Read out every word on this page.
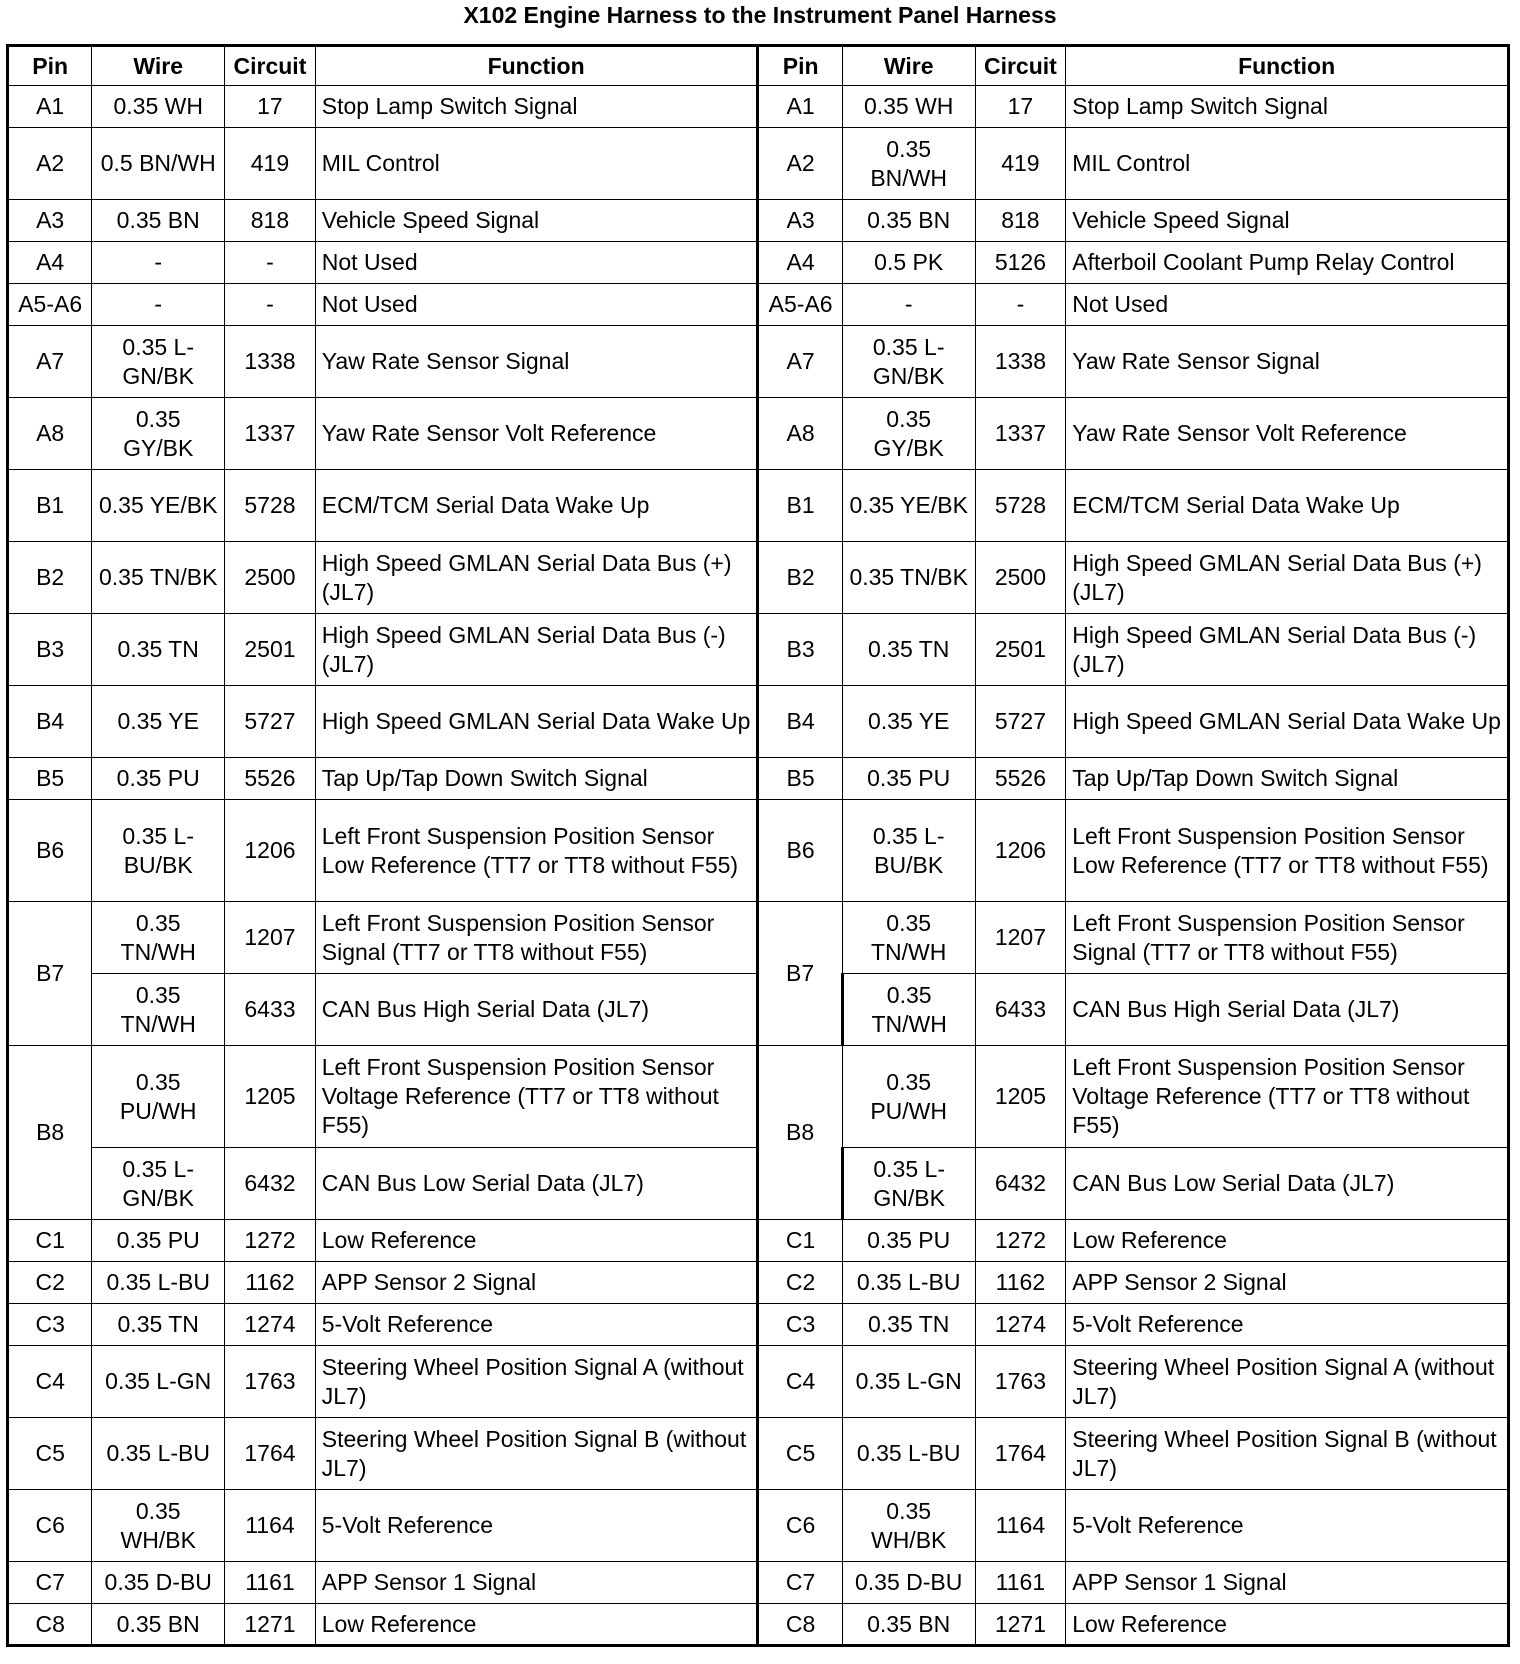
X102 Engine Harness to the Instrument Panel Harness
Pin	Wire	Circuit	Function	Pin	Wire	Circuit	Function
A1	0.35 WH	17	Stop Lamp Switch Signal	A1	0.35 WH	17	Stop Lamp Switch Signal
A2	0.5 BN/WH	419	MIL Control	A2	0.35 BN/WH	419	MIL Control
A3	0.35 BN	818	Vehicle Speed Signal	A3	0.35 BN	818	Vehicle Speed Signal
A4	-	-	Not Used	A4	0.5 PK	5126	Afterboil Coolant Pump Relay Control
A5-A6	-	-	Not Used	A5-A6	-	-	Not Used
A7	0.35 L-GN/BK	1338	Yaw Rate Sensor Signal	A7	0.35 L-GN/BK	1338	Yaw Rate Sensor Signal
A8	0.35 GY/BK	1337	Yaw Rate Sensor Volt Reference	A8	0.35 GY/BK	1337	Yaw Rate Sensor Volt Reference
B1	0.35 YE/BK	5728	ECM/TCM Serial Data Wake Up	B1	0.35 YE/BK	5728	ECM/TCM Serial Data Wake Up
B2	0.35 TN/BK	2500	High Speed GMLAN Serial Data Bus (+) (JL7)	B2	0.35 TN/BK	2500	High Speed GMLAN Serial Data Bus (+) (JL7)
B3	0.35 TN	2501	High Speed GMLAN Serial Data Bus (-) (JL7)	B3	0.35 TN	2501	High Speed GMLAN Serial Data Bus (-) (JL7)
B4	0.35 YE	5727	High Speed GMLAN Serial Data Wake Up	B4	0.35 YE	5727	High Speed GMLAN Serial Data Wake Up
B5	0.35 PU	5526	Tap Up/Tap Down Switch Signal	B5	0.35 PU	5526	Tap Up/Tap Down Switch Signal
B6	0.35 L-BU/BK	1206	Left Front Suspension Position Sensor Low Reference (TT7 or TT8 without F55)	B6	0.35 L-BU/BK	1206	Left Front Suspension Position Sensor Low Reference (TT7 or TT8 without F55)
B7	0.35 TN/WH	1207	Left Front Suspension Position Sensor Signal (TT7 or TT8 without F55)	B7	0.35 TN/WH	1207	Left Front Suspension Position Sensor Signal (TT7 or TT8 without F55)
	0.35 TN/WH	6433	CAN Bus High Serial Data (JL7)		0.35 TN/WH	6433	CAN Bus High Serial Data (JL7)
B8	0.35 PU/WH	1205	Left Front Suspension Position Sensor Voltage Reference (TT7 or TT8 without F55)	B8	0.35 PU/WH	1205	Left Front Suspension Position Sensor Voltage Reference (TT7 or TT8 without F55)
	0.35 L-GN/BK	6432	CAN Bus Low Serial Data (JL7)		0.35 L-GN/BK	6432	CAN Bus Low Serial Data (JL7)
C1	0.35 PU	1272	Low Reference	C1	0.35 PU	1272	Low Reference
C2	0.35 L-BU	1162	APP Sensor 2 Signal	C2	0.35 L-BU	1162	APP Sensor 2 Signal
C3	0.35 TN	1274	5-Volt Reference	C3	0.35 TN	1274	5-Volt Reference
C4	0.35 L-GN	1763	Steering Wheel Position Signal A (without JL7)	C4	0.35 L-GN	1763	Steering Wheel Position Signal A (without JL7)
C5	0.35 L-BU	1764	Steering Wheel Position Signal B (without JL7)	C5	0.35 L-BU	1764	Steering Wheel Position Signal B (without JL7)
C6	0.35 WH/BK	1164	5-Volt Reference	C6	0.35 WH/BK	1164	5-Volt Reference
C7	0.35 D-BU	1161	APP Sensor 1 Signal	C7	0.35 D-BU	1161	APP Sensor 1 Signal
C8	0.35 BN	1271	Low Reference	C8	0.35 BN	1271	Low Reference
